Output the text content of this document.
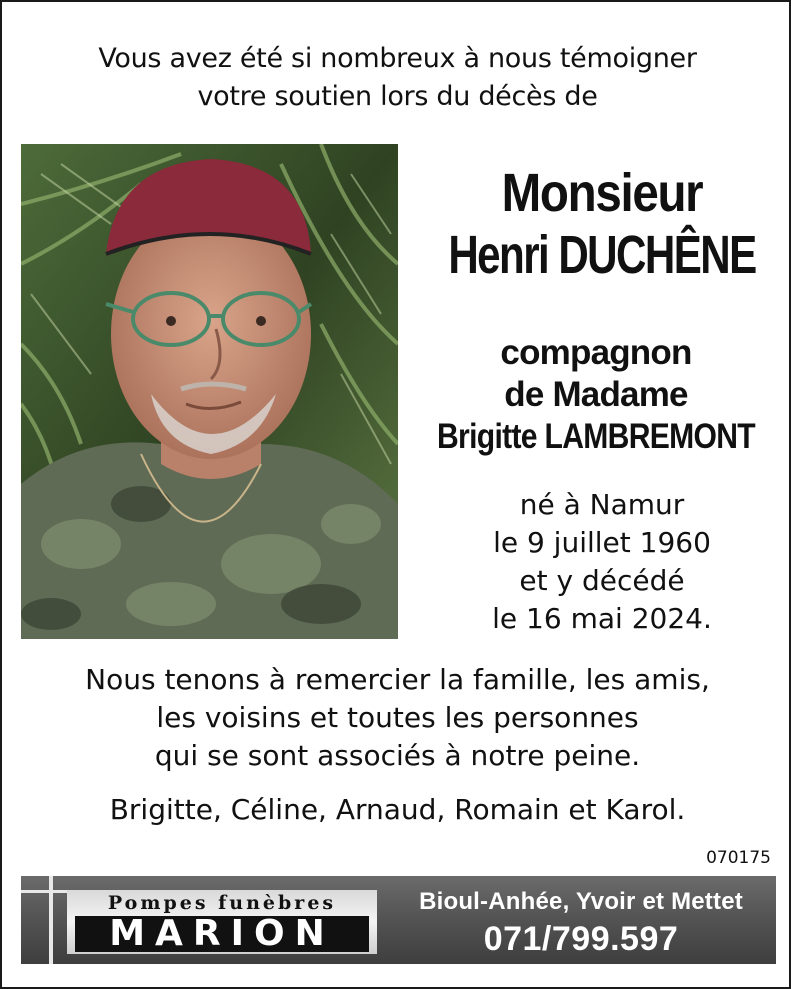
Vous avez été si nombreux à nous témoigner
votre soutien lors du décès de
Monsieur
Henri DUCHÊNE
compagnon
de Madame
Brigitte LAMBREMONT
né à Namur
le 9 juillet 1960
et y décédé
le 16 mai 2024.
Nous tenons à remercier la famille, les amis,
les voisins et toutes les personnes
qui se sont associés à notre peine.
Brigitte, Céline, Arnaud, Romain et Karol.
070175
Pompes funèbres
MARION
Bioul-Anhée, Yvoir et Mettet
071/799.597
